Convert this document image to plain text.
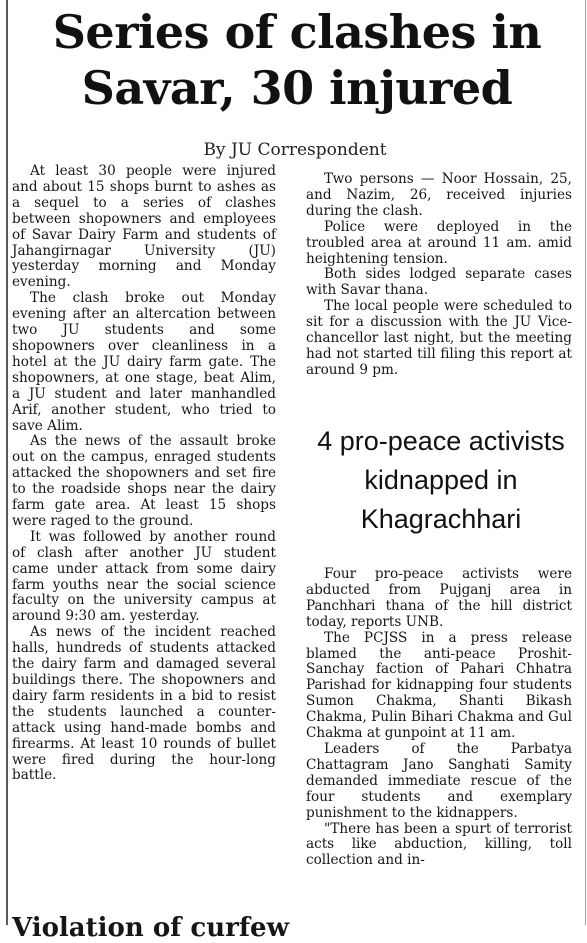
Series of clashes in
Savar, 30 injured
By JU Correspondent

At least 30 people were injured and about 15 shops burnt to ashes as a sequel to a series of clashes between shopowners and employees of Savar Dairy Farm and students of Jahangirnagar University (JU) yesterday morning and Monday evening.

The clash broke out Monday evening after an altercation between two JU students and some shopowners over cleanliness in a hotel at the JU dairy farm gate. The shopowners, at one stage, beat Alim, a JU student and later manhandled Arif, another student, who tried to save Alim.

As the news of the assault broke out on the campus, enraged students attacked the shopowners and set fire to the roadside shops near the dairy farm gate area. At least 15 shops were raged to the ground.

It was followed by another round of clash after another JU student came under attack from some dairy farm youths near the social science faculty on the university campus at around 9:30 am. yesterday.

As news of the incident reached halls, hundreds of students attacked the dairy farm and damaged several buildings there. The shopowners and dairy farm residents in a bid to resist the students launched a counter-attack using hand-made bombs and firearms. At least 10 rounds of bullet were fired during the hour-long battle.

Violation of curfew

Two persons — Noor Hossain, 25, and Nazim, 26, received injuries during the clash.

Police were deployed in the troubled area at around 11 am. amid heightening tension.

Both sides lodged separate cases with Savar thana.

The local people were scheduled to sit for a discussion with the JU Vice- chancellor last night, but the meeting had not started till filing this report at around 9 pm.

4 pro-peace activists kidnapped in Khagrachhari

Four pro-peace activists were abducted from Pujganj area in Panchhari thana of the hill district today, reports UNB.

The PCJSS in a press release blamed the anti-peace Proshit-Sanchay faction of Pahari Chhatra Parishad for kidnapping four students Sumon Chakma, Shanti Bikash Chakma, Pulin Bihari Chakma and Gul Chakma at gunpoint at 11 am.

Leaders of the Parbatya Chattagram Jano Sanghati Samity demanded immediate rescue of the four students and exemplary punishment to the kidnappers.

"There has been a spurt of terrorist acts like abduction, killing, toll collection and in-
